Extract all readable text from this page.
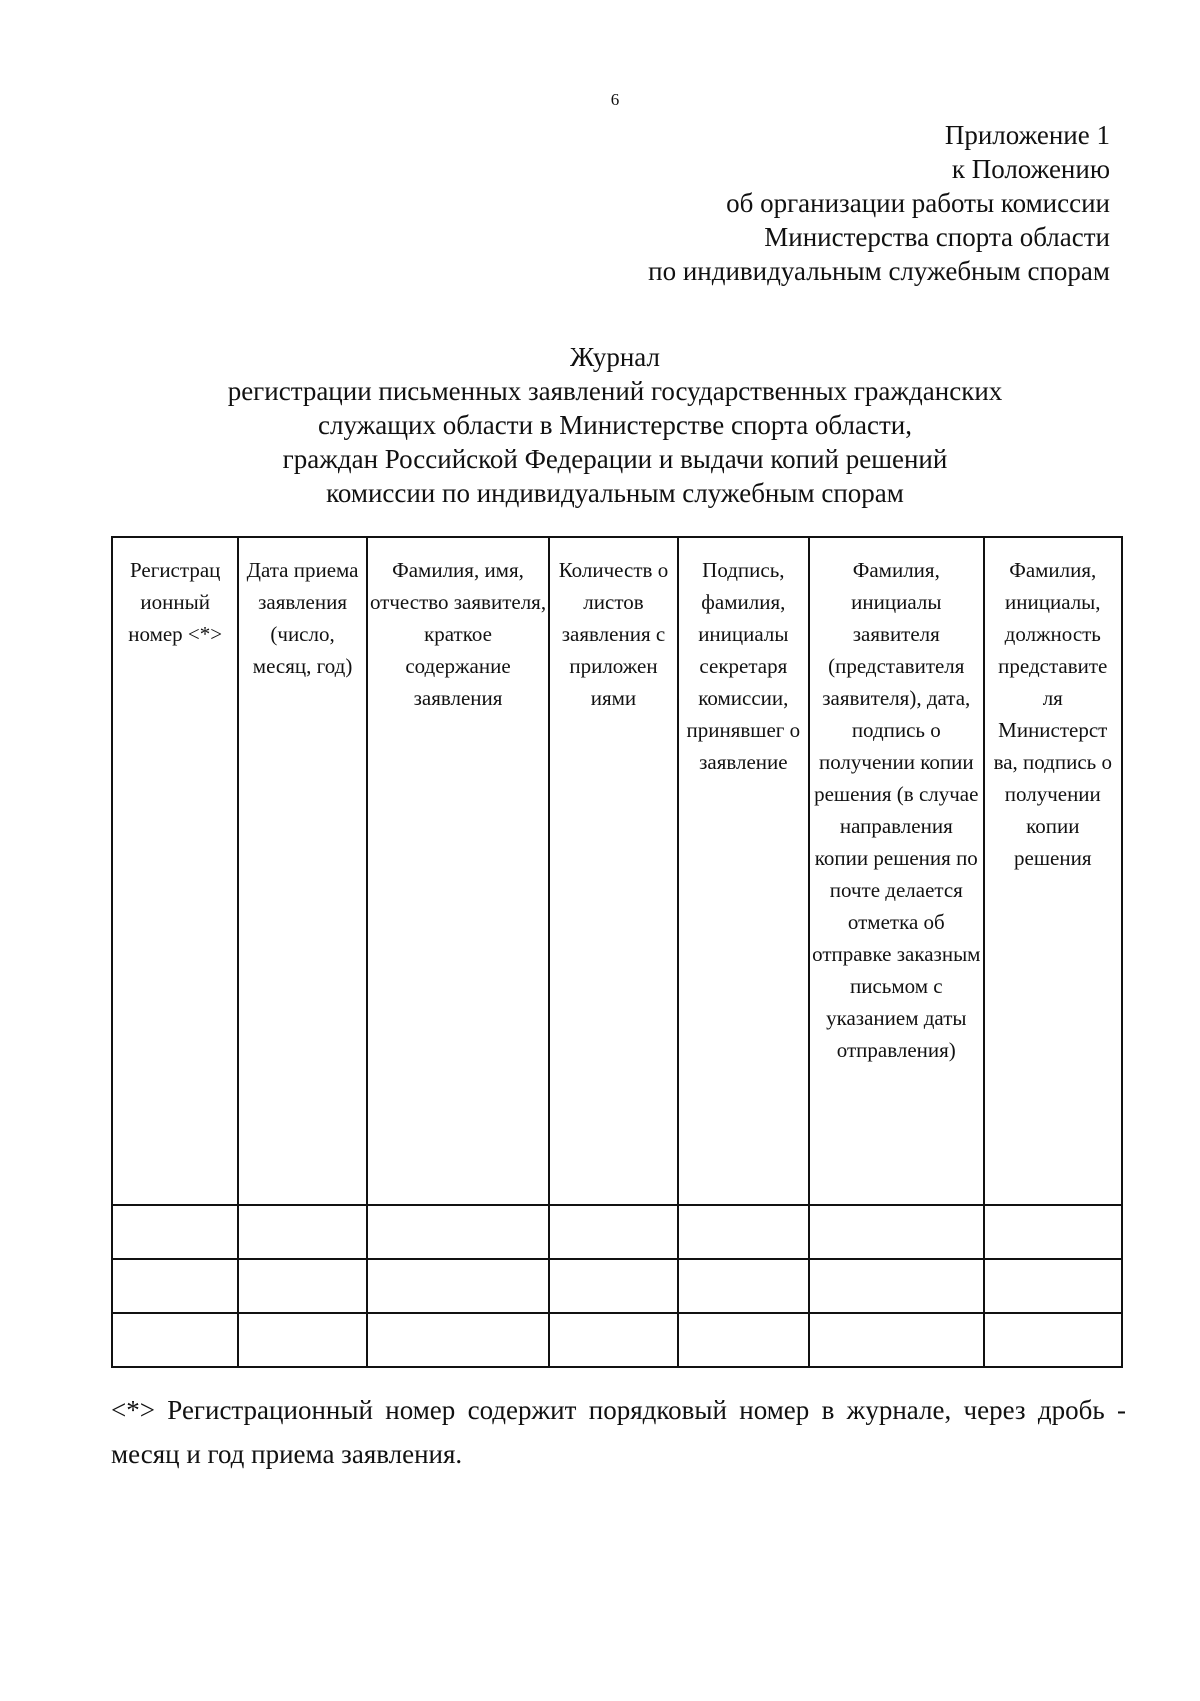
6
Приложение 1
к Положению
об организации работы комиссии
Министерства спорта области
по индивидуальным служебным спорам
Журнал
регистрации письменных заявлений государственных гражданских
служащих области в Министерстве спорта области,
граждан Российской Федерации и выдачи копий решений
комиссии по индивидуальным служебным спорам
Регистрац ионный номер <*>	Дата приема заявления (число, месяц, год)	Фамилия, имя, отчество заявителя, краткое содержание заявления	Количеств о листов заявления с приложен иями	Подпись, фамилия, инициалы секретаря комиссии, принявшег о заявление	Фамилия, инициалы заявителя (представителя заявителя), дата, подпись о получении копии решения (в случае направления копии решения по почте делается отметка об отправке заказным письмом с указанием даты отправления)	Фамилия, инициалы, должность представите ля Министерст ва, подпись о получении копии решения

<*> Регистрационный номер содержит порядковый номер в журнале, через дробь - месяц и год приема заявления.
